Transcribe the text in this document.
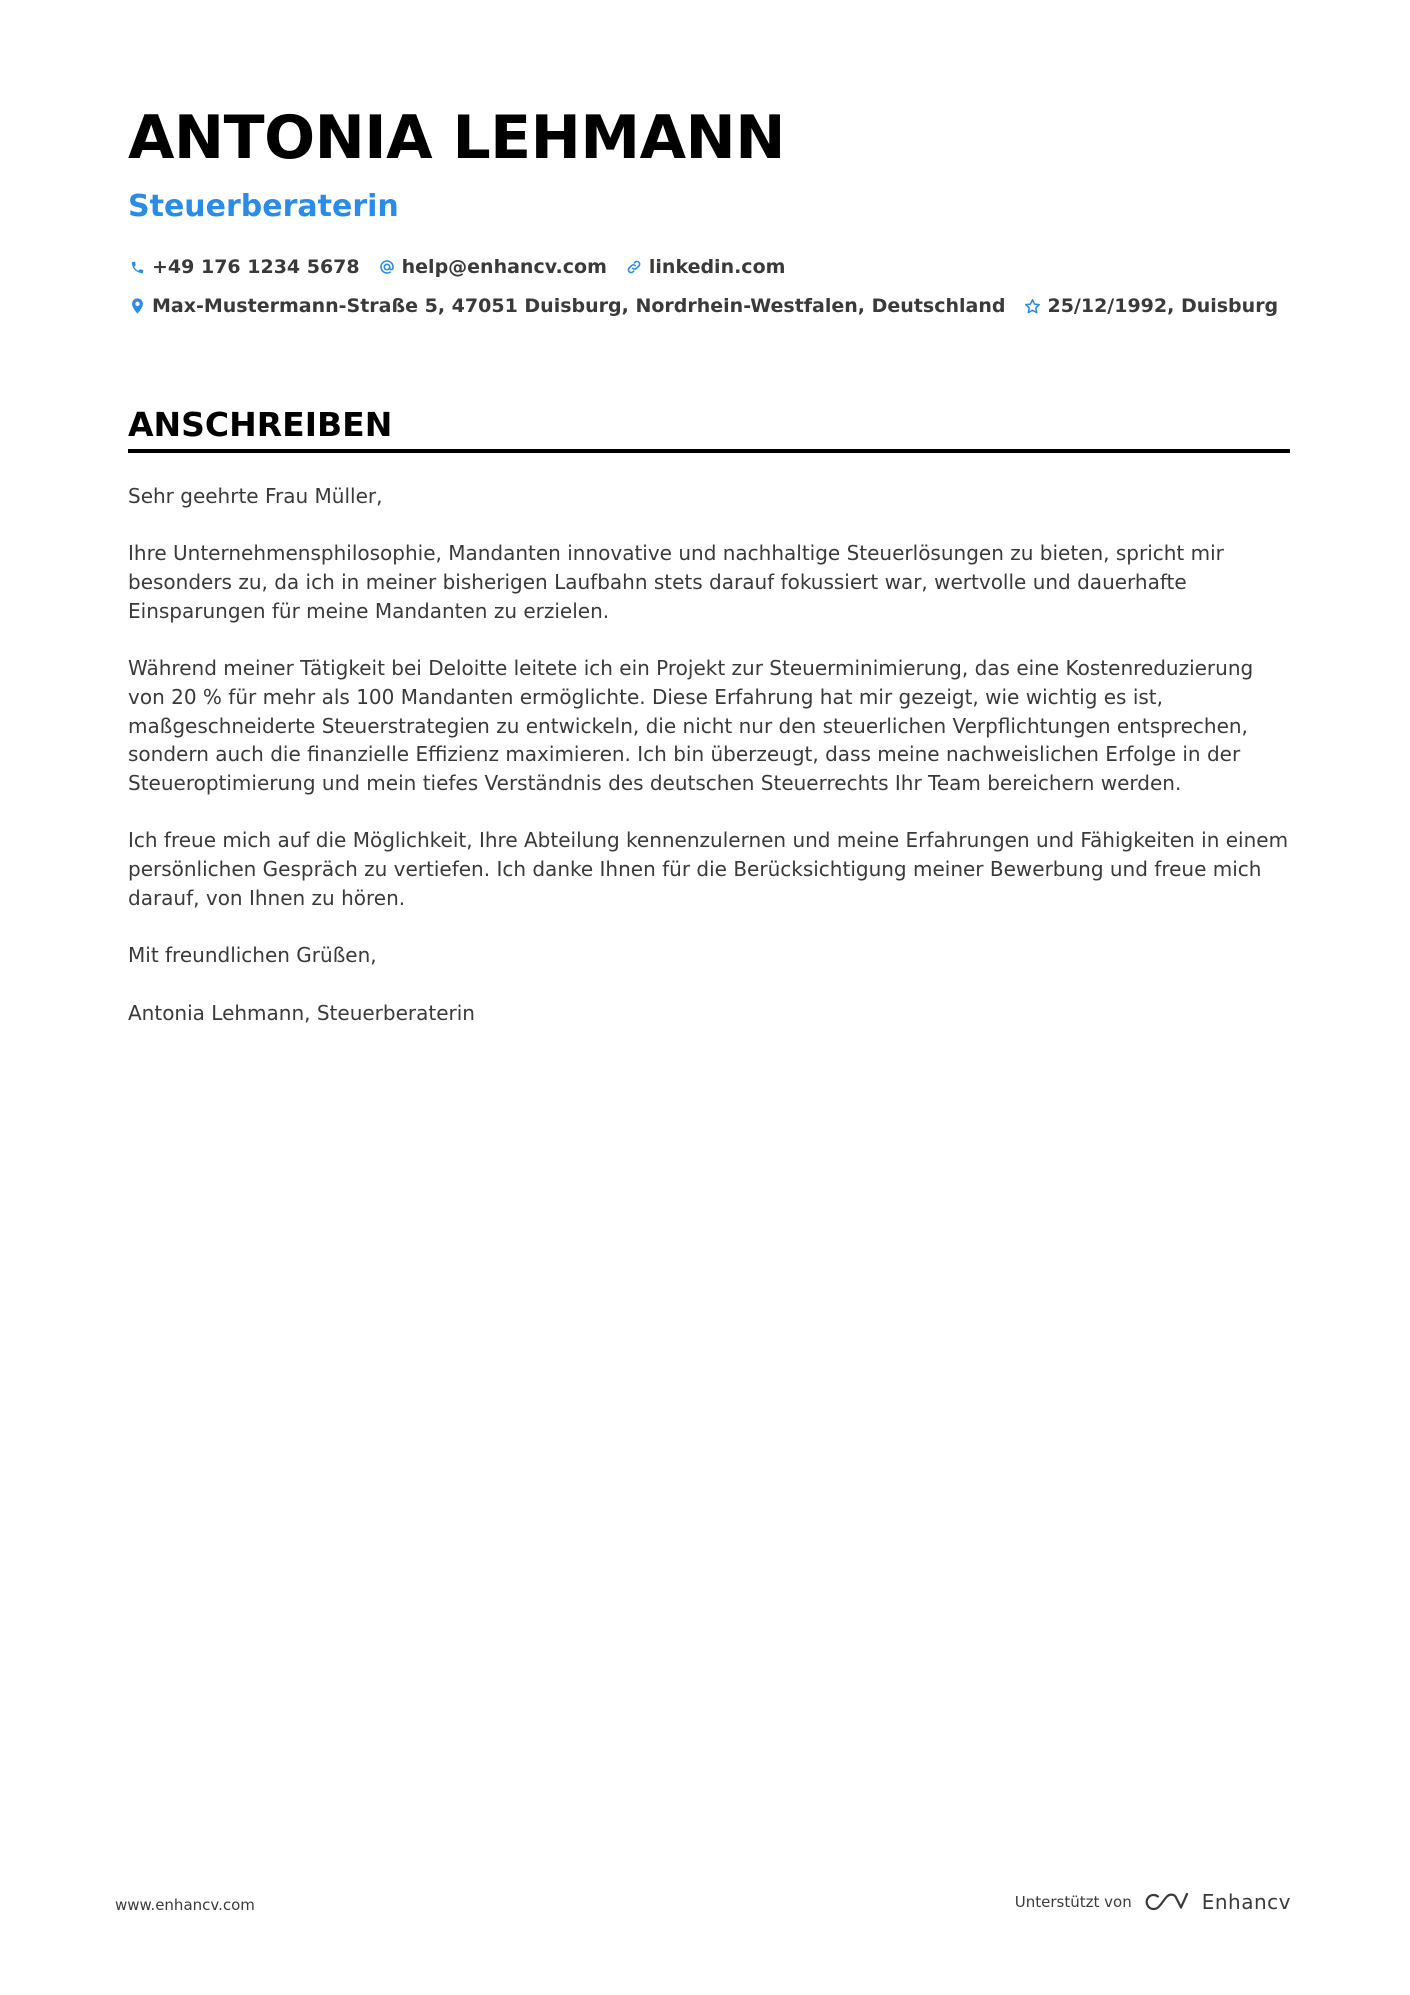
ANTONIA LEHMANN
Steuerberaterin
+49 176 1234 5678 help@enhancv.com linkedin.com
Max-Mustermann-Straße 5, 47051 Duisburg, Nordrhein-Westfalen, Deutschland 25/12/1992, Duisburg
ANSCHREIBEN

Sehr geehrte Frau Müller,

Ihre Unternehmensphilosophie, Mandanten innovative und nachhaltige Steuerlösungen zu bieten, spricht mir besonders zu, da ich in meiner bisherigen Laufbahn stets darauf fokussiert war, wertvolle und dauerhafte Einsparungen für meine Mandanten zu erzielen.

Während meiner Tätigkeit bei Deloitte leitete ich ein Projekt zur Steuerminimierung, das eine Kostenreduzierung von 20 % für mehr als 100 Mandanten ermöglichte. Diese Erfahrung hat mir gezeigt, wie wichtig es ist, maßgeschneiderte Steuerstrategien zu entwickeln, die nicht nur den steuerlichen Verpflichtungen entsprechen, sondern auch die finanzielle Effizienz maximieren. Ich bin überzeugt, dass meine nachweislichen Erfolge in der Steueroptimierung und mein tiefes Verständnis des deutschen Steuerrechts Ihr Team bereichern werden.

Ich freue mich auf die Möglichkeit, Ihre Abteilung kennenzulernen und meine Erfahrungen und Fähigkeiten in einem persönlichen Gespräch zu vertiefen. Ich danke Ihnen für die Berücksichtigung meiner Bewerbung und freue mich darauf, von Ihnen zu hören.

Mit freundlichen Grüßen,

Antonia Lehmann, Steuerberaterin

www.enhancv.com	Unterstützt von	Enhancv
